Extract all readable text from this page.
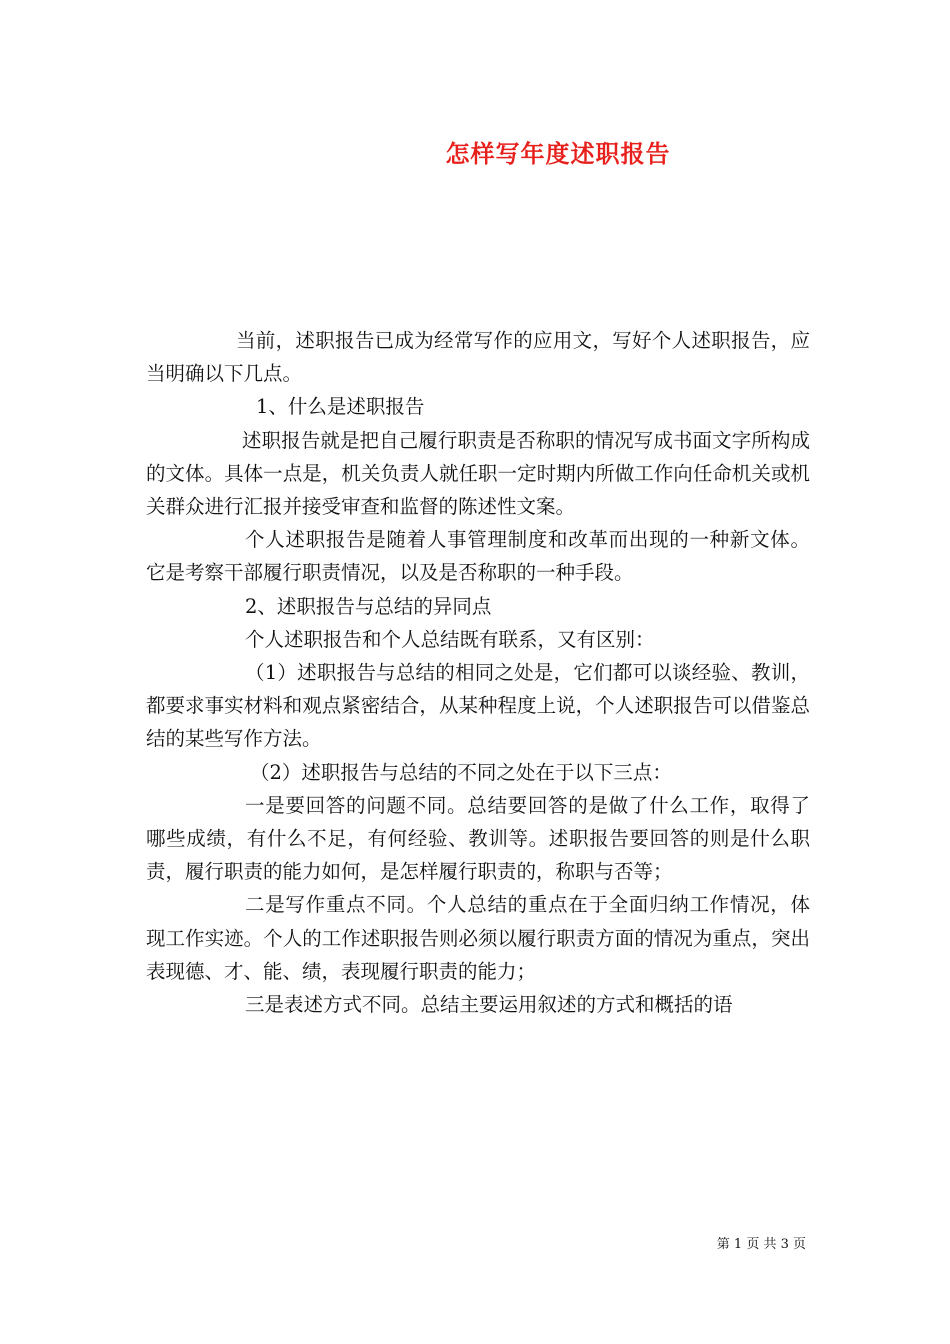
怎样写年度述职报告

当前，述职报告已成为经常写作的应用文，写好个人述职报告，应当明确以下几点。

1、什么是述职报告

述职报告就是把自己履行职责是否称职的情况写成书面文字所构成的文体。具体一点是，机关负责人就任职一定时期内所做工作向任命机关或机关群众进行汇报并接受审查和监督的陈述性文案。

个人述职报告是随着人事管理制度和改革而出现的一种新文体。它是考察干部履行职责情况，以及是否称职的一种手段。

2、述职报告与总结的异同点

个人述职报告和个人总结既有联系，又有区别：

（1）述职报告与总结的相同之处是，它们都可以谈经验、教训，都要求事实材料和观点紧密结合，从某种程度上说，个人述职报告可以借鉴总结的某些写作方法。

（2）述职报告与总结的不同之处在于以下三点：

一是要回答的问题不同。总结要回答的是做了什么工作，取得了哪些成绩，有什么不足，有何经验、教训等。述职报告要回答的则是什么职责，履行职责的能力如何，是怎样履行职责的，称职与否等；

二是写作重点不同。个人总结的重点在于全面归纳工作情况，体现工作实迹。个人的工作述职报告则必须以履行职责方面的情况为重点，突出表现德、才、能、绩，表现履行职责的能力；

三是表述方式不同。总结主要运用叙述的方式和概括的语

第 1 页 共 3 页
